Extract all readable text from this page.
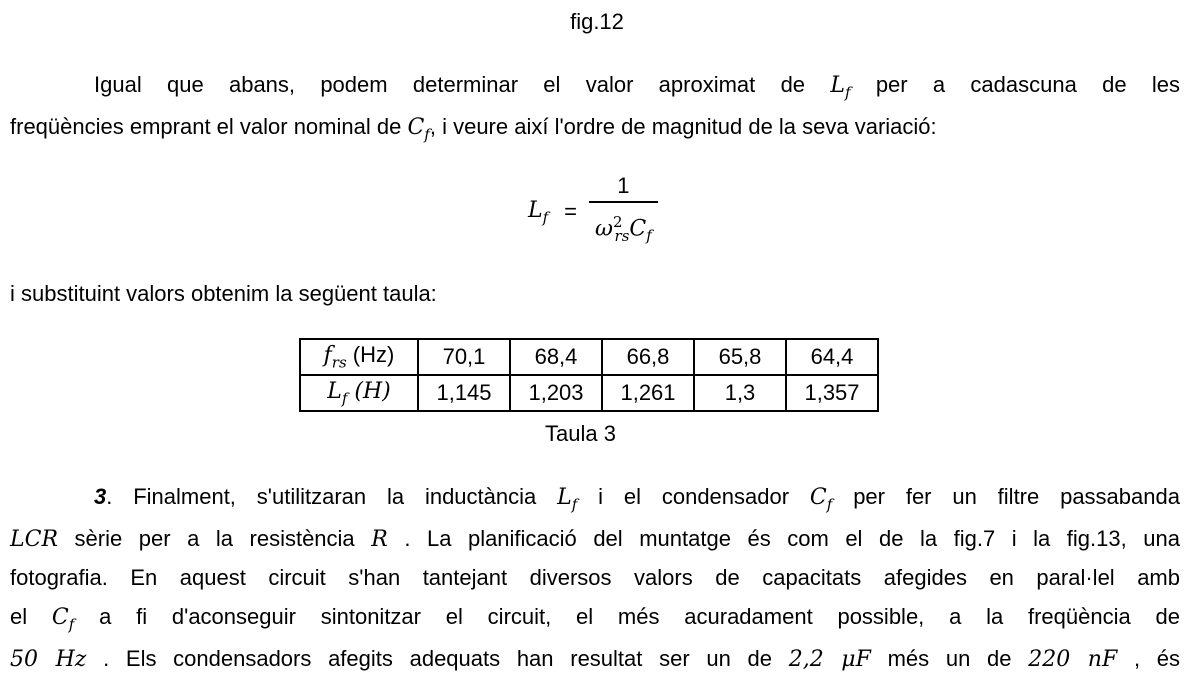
fig.12
Igual que abans, podem determinar el valor aproximat de $L_f$ per a cadascuna de les
freqüències emprant el valor nominal de $C_f$, i veure així l'ordre de magnitud de la seva variació:
$L_f = \frac{1}{\omega^2_{rs}C_f}$
i substituint valors obtenim la següent taula:
$f_{rs}$ (Hz)	70,1	68,4	66,8	65,8	64,4
$L_f$ (H)	1,145	1,203	1,261	1,3	1,357
Taula 3
3. Finalment, s'utilitzaran la inductància $L_f$ i el condensador $C_f$ per fer un filtre passabanda
LCR sèrie per a la resistència R . La planificació del muntatge és com el de la fig.7 i la fig.13, una
fotografia. En aquest circuit s'han tantejant diversos valors de capacitats afegides en paral·lel amb
el $C_f$ a fi d'aconseguir sintonitzar el circuit, el més acuradament possible, a la freqüència de
50 Hz . Els condensadors afegits adequats han resultat ser un de 2,2 μF més un de 220 nF , és
